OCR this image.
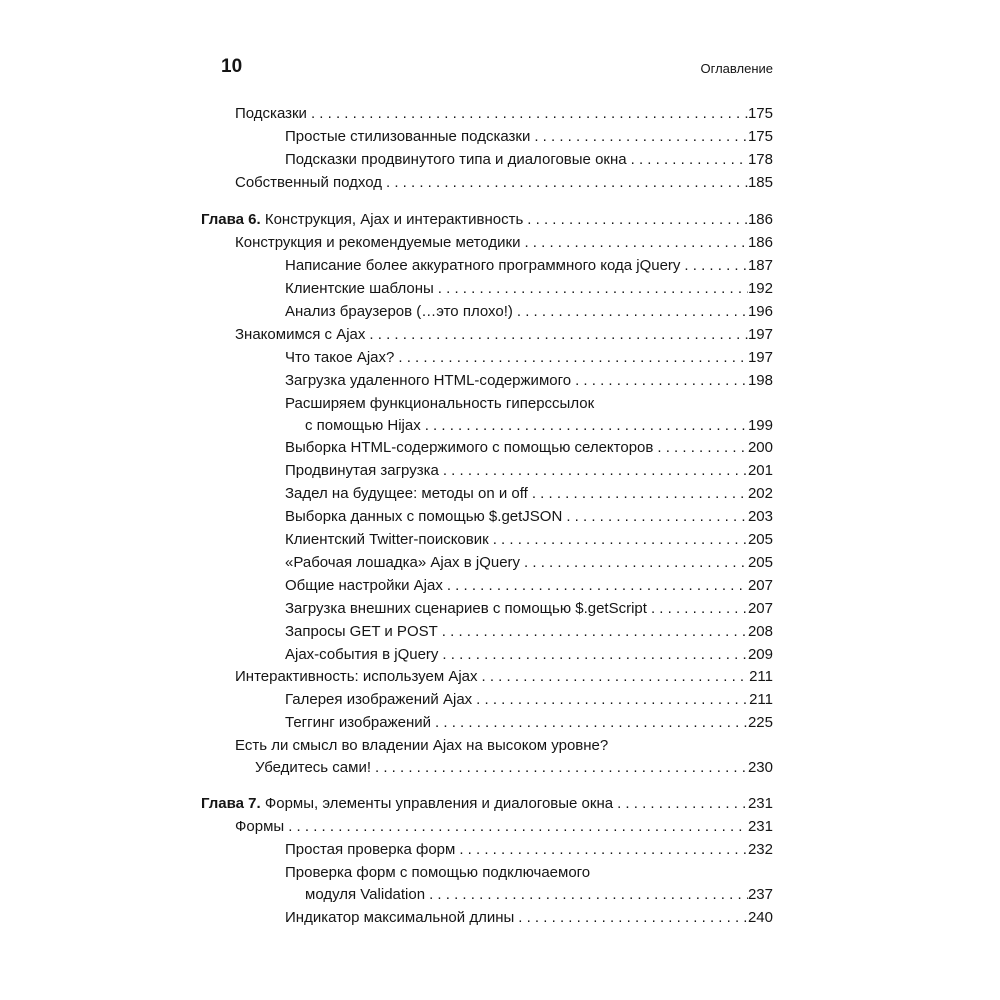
10	Оглавление
Подсказки . . .	175
Простые стилизованные подсказки . . .	175
Подсказки продвинутого типа и диалоговые окна . . .	178
Собственный подход . . .	185
Глава 6. Конструкция, Ajax и интерактивность . . .	186
Конструкция и рекомендуемые методики . . .	186
Написание более аккуратного программного кода jQuery . . .	187
Клиентские шаблоны . . .	192
Анализ браузеров (…это плохо!) . . .	196
Знакомимся с Ajax . . .	197
Что такое Ajax? . . .	197
Загрузка удаленного HTML-содержимого . . .	198
Расширяем функциональность гиперссылок
с помощью Hijax . . .	199
Выборка HTML-содержимого с помощью селекторов . . .	200
Продвинутая загрузка . . .	201
Задел на будущее: методы on и off . . .	202
Выборка данных с помощью $.getJSON . . .	203
Клиентский Twitter-поисковик . . .	205
«Рабочая лошадка» Ajax в jQuery . . .	205
Общие настройки Ajax . . .	207
Загрузка внешних сценариев с помощью $.getScript . . .	207
Запросы GET и POST . . .	208
Ajax-события в jQuery . . .	209
Интерактивность: используем Ajax . . .	211
Галерея изображений Ajax . . .	211
Теггинг изображений . . .	225
Есть ли смысл во владении Ajax на высоком уровне?
Убедитесь сами! . . .	230
Глава 7. Формы, элементы управления и диалоговые окна . . .	231
Формы . . .	231
Простая проверка форм . . .	232
Проверка форм с помощью подключаемого
модуля Validation . . .	237
Индикатор максимальной длины . . .	240
